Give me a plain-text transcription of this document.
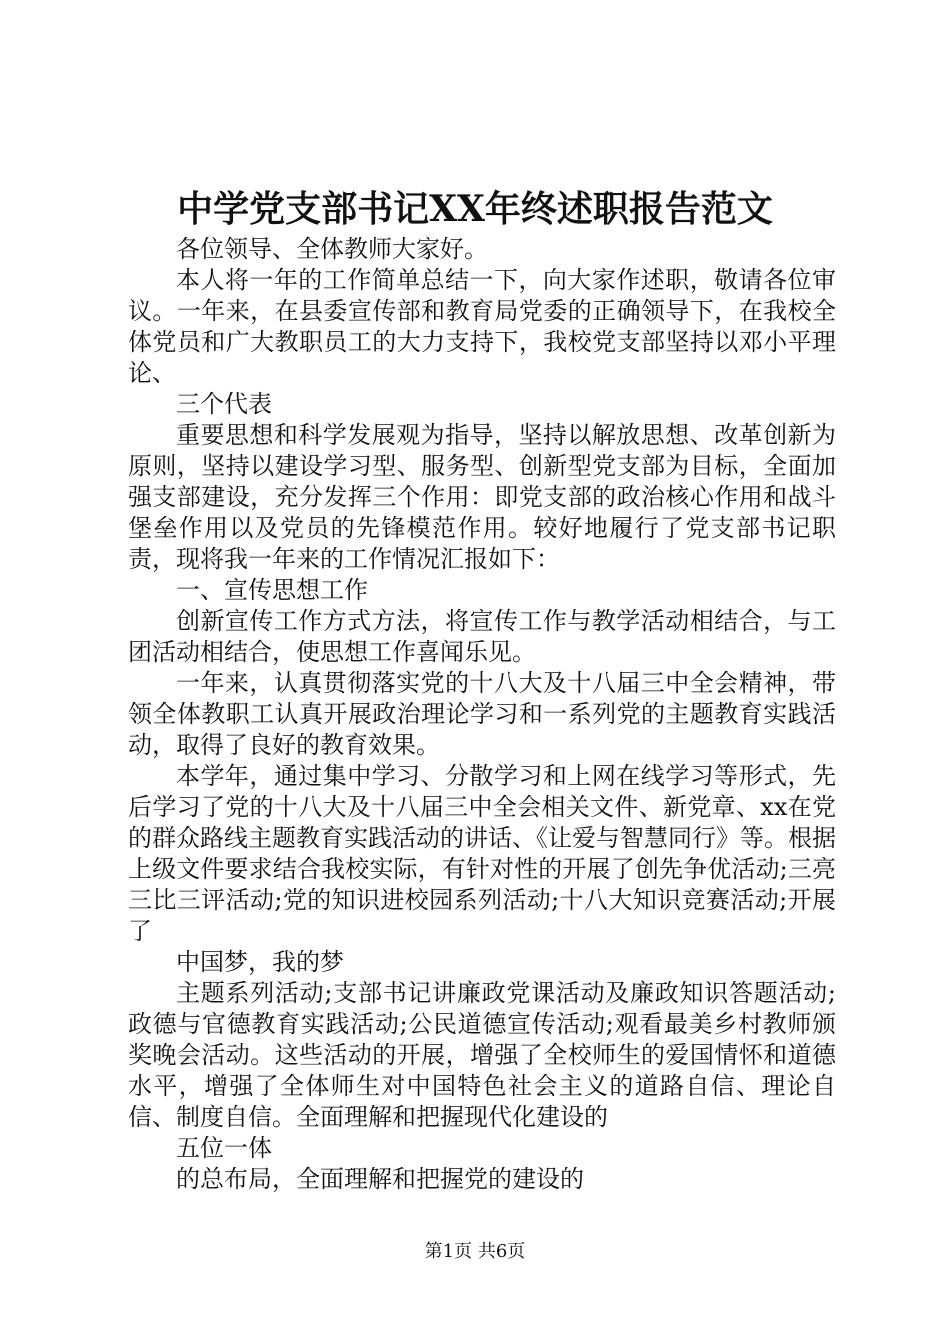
中学党支部书记XX年终述职报告范文

各位领导、全体教师大家好。

本人将一年的工作简单总结一下，向大家作述职，敬请各位审议。一年来，在县委宣传部和教育局党委的正确领导下，在我校全体党员和广大教职员工的大力支持下，我校党支部坚持以邓小平理论、

三个代表

重要思想和科学发展观为指导，坚持以解放思想、改革创新为原则，坚持以建设学习型、服务型、创新型党支部为目标，全面加强支部建设，充分发挥三个作用：即党支部的政治核心作用和战斗堡垒作用以及党员的先锋模范作用。较好地履行了党支部书记职责，现将我一年来的工作情况汇报如下：

一、宣传思想工作

创新宣传工作方式方法，将宣传工作与教学活动相结合，与工团活动相结合，使思想工作喜闻乐见。

一年来，认真贯彻落实党的十八大及十八届三中全会精神，带领全体教职工认真开展政治理论学习和一系列党的主题教育实践活动，取得了良好的教育效果。

本学年，通过集中学习、分散学习和上网在线学习等形式，先后学习了党的十八大及十八届三中全会相关文件、新党章、xx在党的群众路线主题教育实践活动的讲话、《让爱与智慧同行》等。根据上级文件要求结合我校实际，有针对性的开展了创先争优活动;三亮三比三评活动;党的知识进校园系列活动;十八大知识竞赛活动;开展了

中国梦，我的梦

主题系列活动;支部书记讲廉政党课活动及廉政知识答题活动;政德与官德教育实践活动;公民道德宣传活动;观看最美乡村教师颁奖晚会活动。这些活动的开展，增强了全校师生的爱国情怀和道德水平，增强了全体师生对中国特色社会主义的道路自信、理论自信、制度自信。全面理解和把握现代化建设的

五位一体

的总布局，全面理解和把握党的建设的

第1页 共6页
